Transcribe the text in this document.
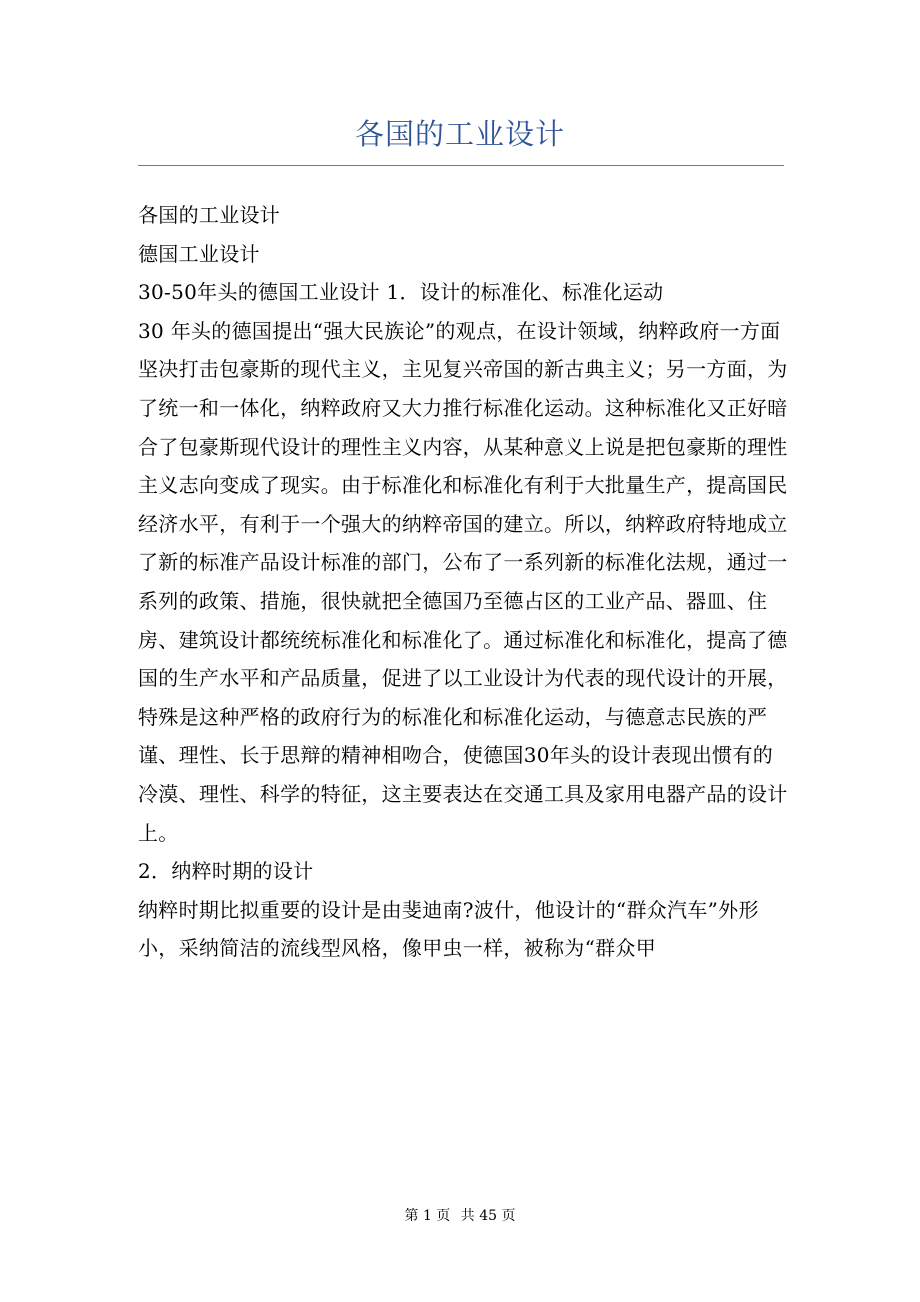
各国的工业设计

各国的工业设计

德国工业设计

30-50年头的德国工业设计 1．设计的标准化、标准化运动

30 年头的德国提出“强大民族论”的观点，在设计领域，纳粹政府一方面坚决打击包豪斯的现代主义，主见复兴帝国的新古典主义；另一方面，为了统一和一体化，纳粹政府又大力推行标准化运动。这种标准化又正好暗合了包豪斯现代设计的理性主义内容，从某种意义上说是把包豪斯的理性主义志向变成了现实。由于标准化和标准化有利于大批量生产，提高国民经济水平，有利于一个强大的纳粹帝国的建立。所以，纳粹政府特地成立了新的标准产品设计标准的部门，公布了一系列新的标准化法规，通过一系列的政策、措施，很快就把全德国乃至德占区的工业产品、器皿、住房、建筑设计都统统标准化和标准化了。通过标准化和标准化，提高了德国的生产水平和产品质量，促进了以工业设计为代表的现代设计的开展，特殊是这种严格的政府行为的标准化和标准化运动，与德意志民族的严谨、理性、长于思辩的精神相吻合，使德国30年头的设计表现出惯有的冷漠、理性、科学的特征，这主要表达在交通工具及家用电器产品的设计上。

2．纳粹时期的设计

纳粹时期比拟重要的设计是由斐迪南?波什，他设计的“群众汽车”外形小，采纳简洁的流线型风格，像甲虫一样，被称为“群众甲

第 1 页 共 45 页
